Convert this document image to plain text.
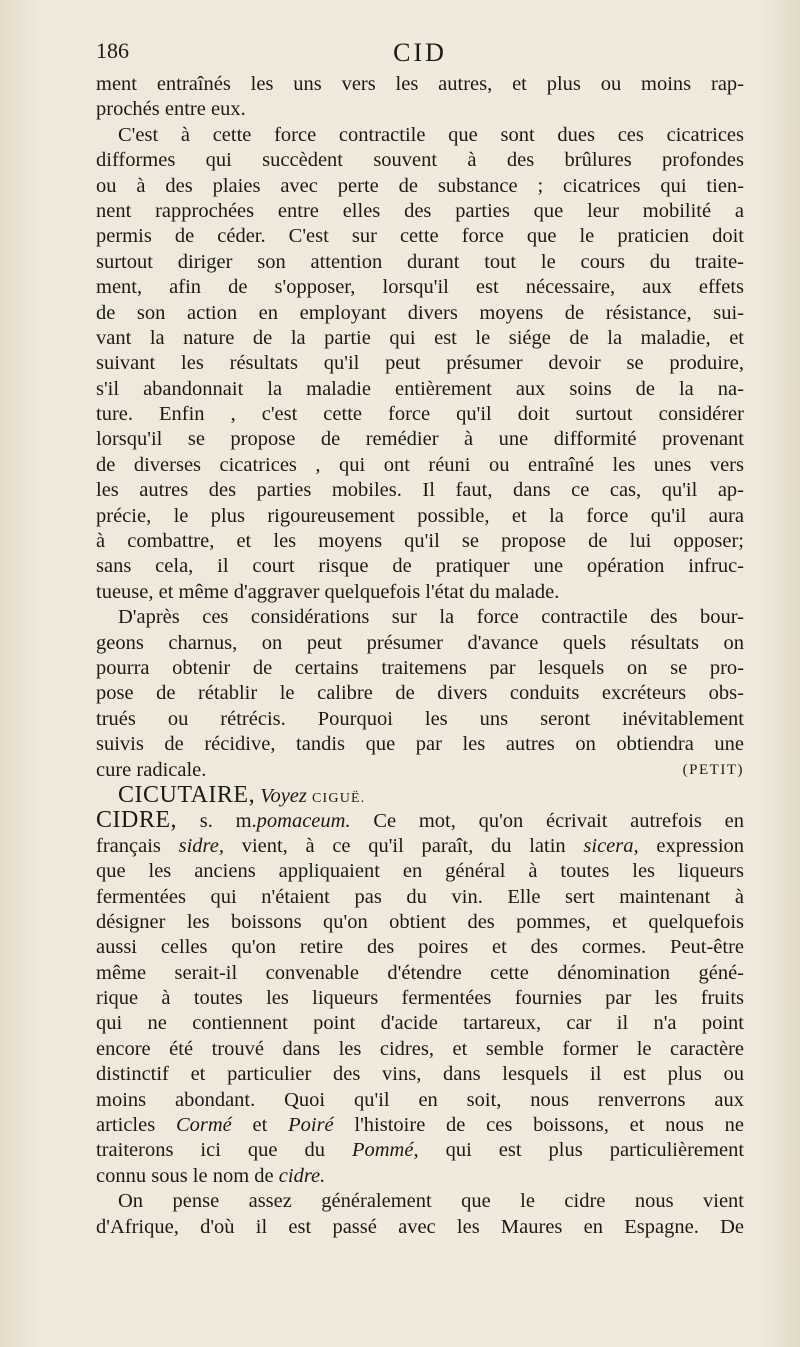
186	CID
ment entraînés les uns vers les autres, et plus ou moins rap-
prochés entre eux.
C'est à cette force contractile que sont dues ces cicatrices
difformes qui succèdent souvent à des brûlures profondes
ou à des plaies avec perte de substance ; cicatrices qui tien-
nent rapprochées entre elles des parties que leur mobilité a
permis de céder. C'est sur cette force que le praticien doit
surtout diriger son attention durant tout le cours du traite-
ment, afin de s'opposer, lorsqu'il est nécessaire, aux effets
de son action en employant divers moyens de résistance, sui-
vant la nature de la partie qui est le siége de la maladie, et
suivant les résultats qu'il peut présumer devoir se produire,
s'il abandonnait la maladie entièrement aux soins de la na-
ture. Enfin , c'est cette force qu'il doit surtout considérer
lorsqu'il se propose de remédier à une difformité provenant
de diverses cicatrices , qui ont réuni ou entraîné les unes vers
les autres des parties mobiles. Il faut, dans ce cas, qu'il ap-
précie, le plus rigoureusement possible, et la force qu'il aura
à combattre, et les moyens qu'il se propose de lui opposer;
sans cela, il court risque de pratiquer une opération infruc-
tueuse, et même d'aggraver quelquefois l'état du malade.
D'après ces considérations sur la force contractile des bour-
geons charnus, on peut présumer d'avance quels résultats on
pourra obtenir de certains traitemens par lesquels on se pro-
pose de rétablir le calibre de divers conduits excréteurs obs-
trués ou rétrécis. Pourquoi les uns seront inévitablement
suivis de récidive, tandis que par les autres on obtiendra une
cure radicale.	(PETIT)
CICUTAIRE, Voyez CIGUË.
CIDRE, s. m.pomaceum. Ce mot, qu'on écrivait autrefois en
français sidre, vient, à ce qu'il paraît, du latin sicera, expression
que les anciens appliquaient en général à toutes les liqueurs
fermentées qui n'étaient pas du vin. Elle sert maintenant à
désigner les boissons qu'on obtient des pommes, et quelquefois
aussi celles qu'on retire des poires et des cormes. Peut-être
même serait-il convenable d'étendre cette dénomination géné-
rique à toutes les liqueurs fermentées fournies par les fruits
qui ne contiennent point d'acide tartareux, car il n'a point
encore été trouvé dans les cidres, et semble former le caractère
distinctif et particulier des vins, dans lesquels il est plus ou
moins abondant. Quoi qu'il en soit, nous renverrons aux
articles Cormé et Poiré l'histoire de ces boissons, et nous ne
traiterons ici que du Pommé, qui est plus particulièrement
connu sous le nom de cidre.
On pense assez généralement que le cidre nous vient
d'Afrique, d'où il est passé avec les Maures en Espagne. De
